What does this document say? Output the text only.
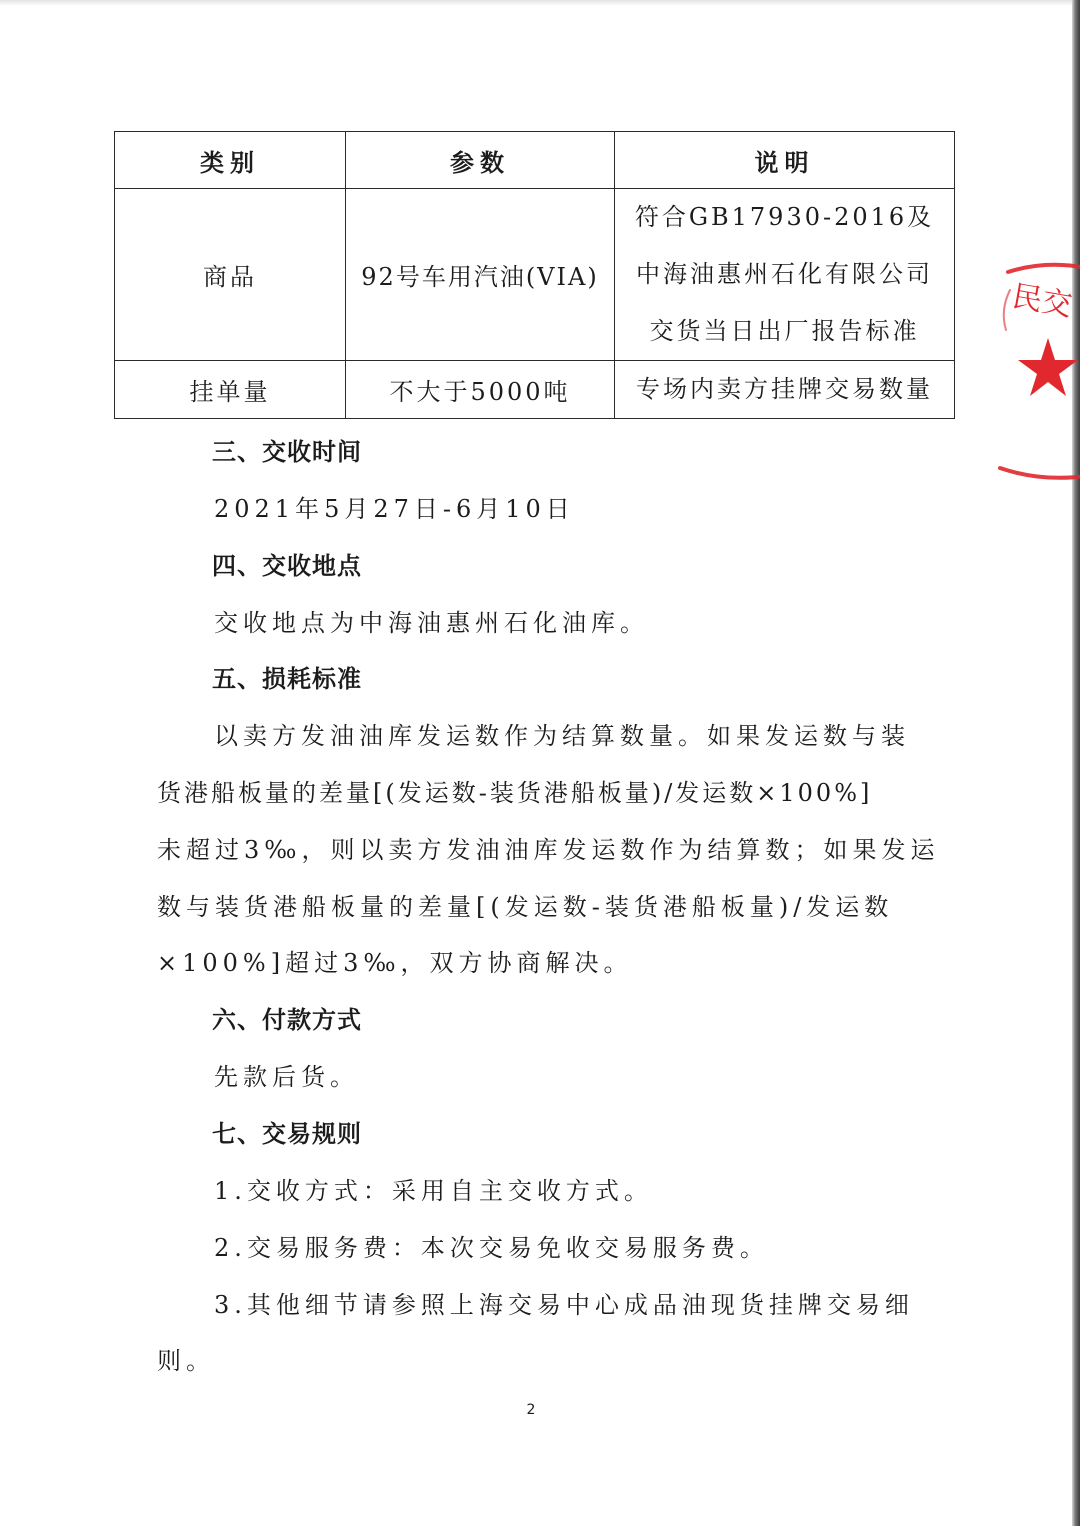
类别	参数	说明
商品	92号车用汽油(VIA)	符合GB17930-2016及
中海油惠州石化有限公司
交货当日出厂报告标准

挂单量	不大于5000吨	专场内卖方挂牌交易数量
三、交收时间

2021年5月27日-6月10日

四、交收地点

交收地点为中海油惠州石化油库。

五、损耗标准

以卖方发油油库发运数作为结算数量。如果发运数与装

货港船板量的差量[(发运数-装货港船板量)/发运数×100%]

未超过3‰，则以卖方发油油库发运数作为结算数；如果发运

数与装货港船板量的差量[(发运数-装货港船板量)/发运数

×100%]超过3‰，双方协商解决。

六、付款方式

先款后货。

七、交易规则

1.交收方式：采用自主交收方式。

2.交易服务费：本次交易免收交易服务费。

3.其他细节请参照上海交易中心成品油现货挂牌交易细

则。

2
民交
